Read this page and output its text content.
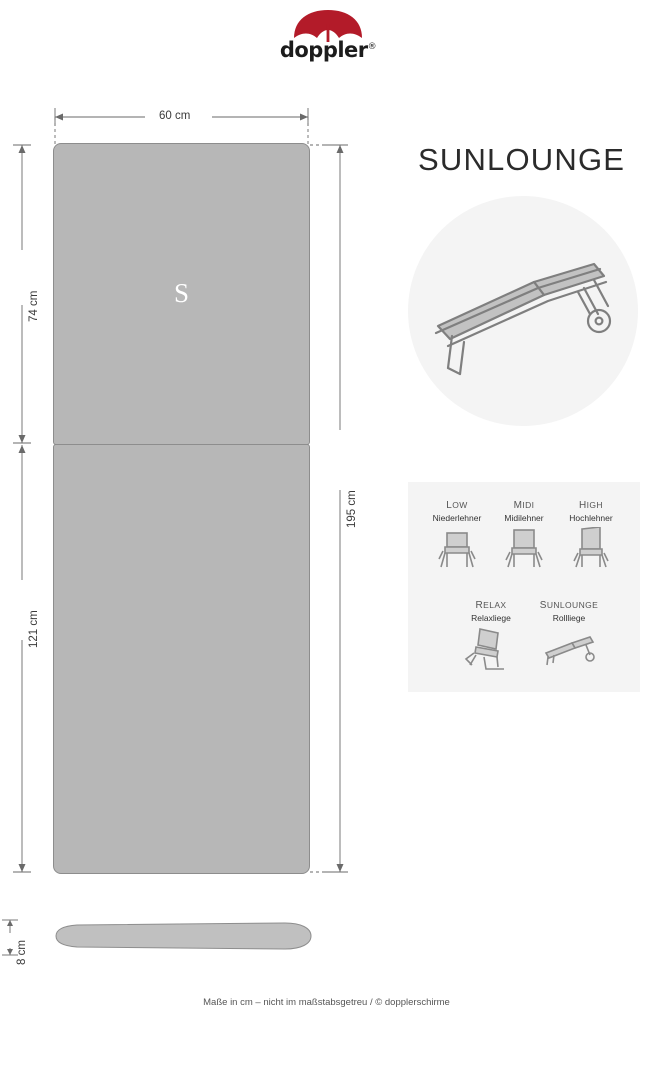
doppler®
SUNLOUNGE
S
60 cm
74 cm
121 cm
195 cm
8 cm
LOW
Niederlehner
MIDI
Midilehner
HIGH
Hochlehner
RELAX
Relaxliege
SUNLOUNGE
Rollliege
Maße in cm – nicht im maßstabsgetreu / © dopplerschirme
